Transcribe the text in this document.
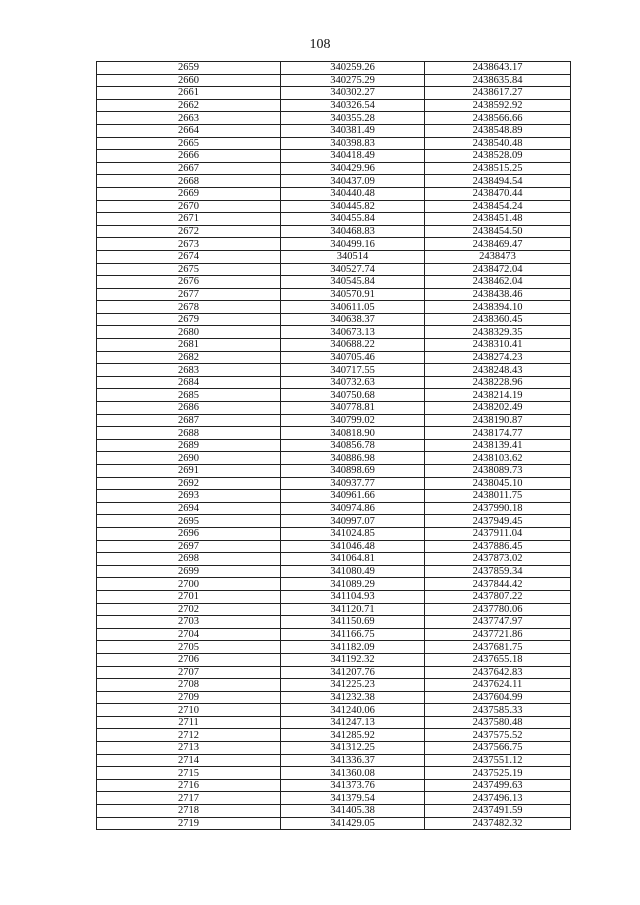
108
2659	340259.26	2438643.17
2660	340275.29	2438635.84
2661	340302.27	2438617.27
2662	340326.54	2438592.92
2663	340355.28	2438566.66
2664	340381.49	2438548.89
2665	340398.83	2438540.48
2666	340418.49	2438528.09
2667	340429.96	2438515.25
2668	340437.09	2438494.54
2669	340440.48	2438470.44
2670	340445.82	2438454.24
2671	340455.84	2438451.48
2672	340468.83	2438454.50
2673	340499.16	2438469.47
2674	340514	2438473
2675	340527.74	2438472.04
2676	340545.84	2438462.04
2677	340570.91	2438438.46
2678	340611.05	2438394.10
2679	340638.37	2438360.45
2680	340673.13	2438329.35
2681	340688.22	2438310.41
2682	340705.46	2438274.23
2683	340717.55	2438248.43
2684	340732.63	2438228.96
2685	340750.68	2438214.19
2686	340778.81	2438202.49
2687	340799.02	2438190.87
2688	340818.90	2438174.77
2689	340856.78	2438139.41
2690	340886.98	2438103.62
2691	340898.69	2438089.73
2692	340937.77	2438045.10
2693	340961.66	2438011.75
2694	340974.86	2437990.18
2695	340997.07	2437949.45
2696	341024.85	2437911.04
2697	341046.48	2437886.45
2698	341064.81	2437873.02
2699	341080.49	2437859.34
2700	341089.29	2437844.42
2701	341104.93	2437807.22
2702	341120.71	2437780.06
2703	341150.69	2437747.97
2704	341166.75	2437721.86
2705	341182.09	2437681.75
2706	341192.32	2437655.18
2707	341207.76	2437642.83
2708	341225.23	2437624.11
2709	341232.38	2437604.99
2710	341240.06	2437585.33
2711	341247.13	2437580.48
2712	341285.92	2437575.52
2713	341312.25	2437566.75
2714	341336.37	2437551.12
2715	341360.08	2437525.19
2716	341373.76	2437499.63
2717	341379.54	2437496.13
2718	341405.38	2437491.59
2719	341429.05	2437482.32
